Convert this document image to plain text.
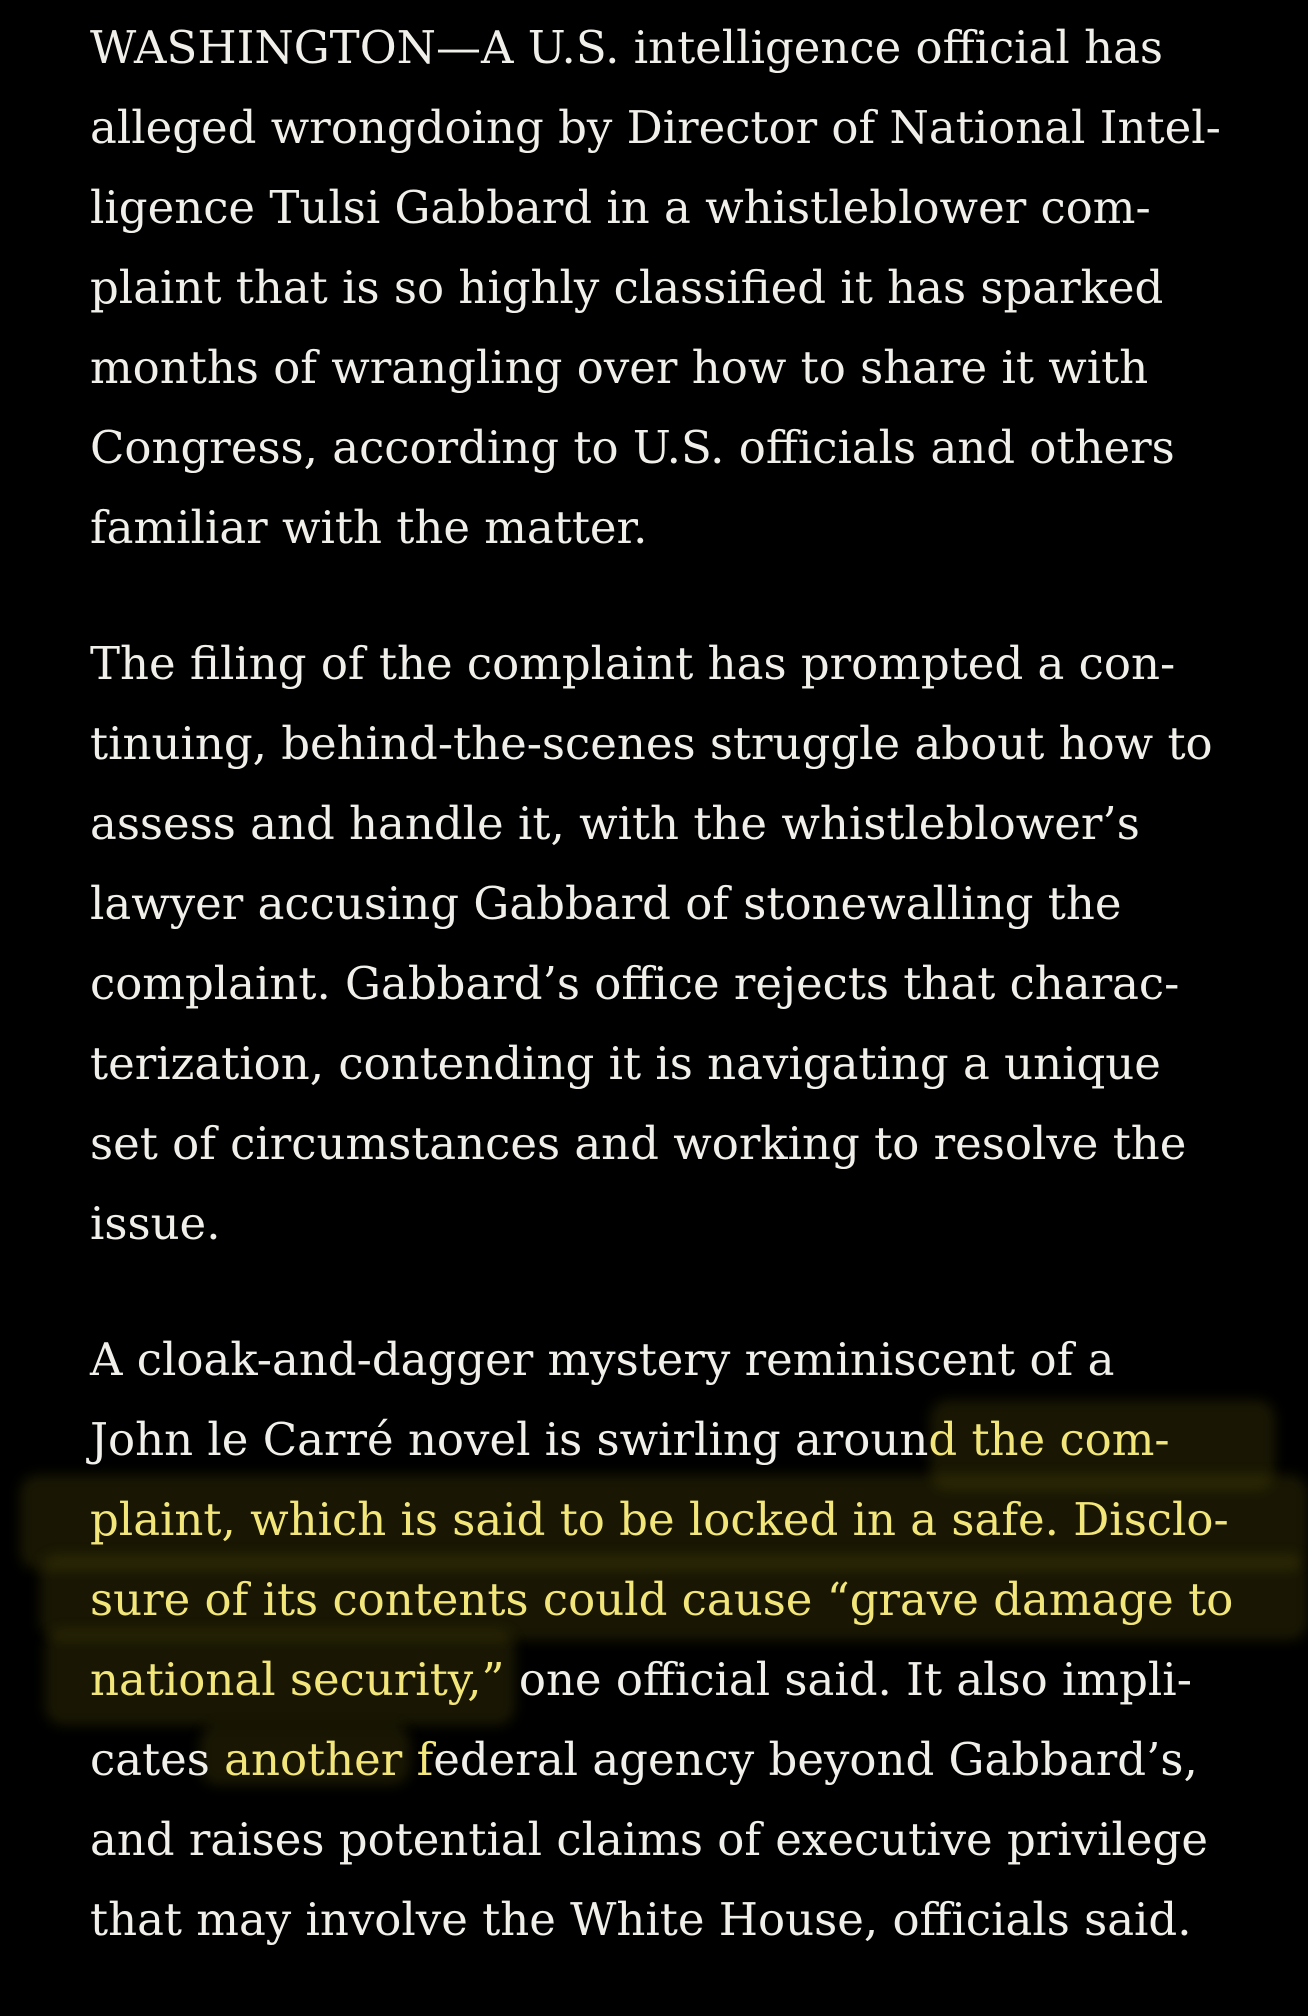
WASHINGTON—A U.S. intelligence official has
alleged wrongdoing by Director of National Intel-
ligence Tulsi Gabbard in a whistleblower com-
plaint that is so highly classified it has sparked
months of wrangling over how to share it with
Congress, according to U.S. officials and others
familiar with the matter.

The filing of the complaint has prompted a con-
tinuing, behind-the-scenes struggle about how to
assess and handle it, with the whistleblower’s
lawyer accusing Gabbard of stonewalling the
complaint. Gabbard’s office rejects that charac-
terization, contending it is navigating a unique
set of circumstances and working to resolve the
issue.

A cloak-and-dagger mystery reminiscent of a
John le Carré novel is swirling around the com-
plaint, which is said to be locked in a safe. Disclo-
sure of its contents could cause “grave damage to
national security,” one official said. It also impli-
cates another federal agency beyond Gabbard’s,
and raises potential claims of executive privilege
that may involve the White House, officials said.
